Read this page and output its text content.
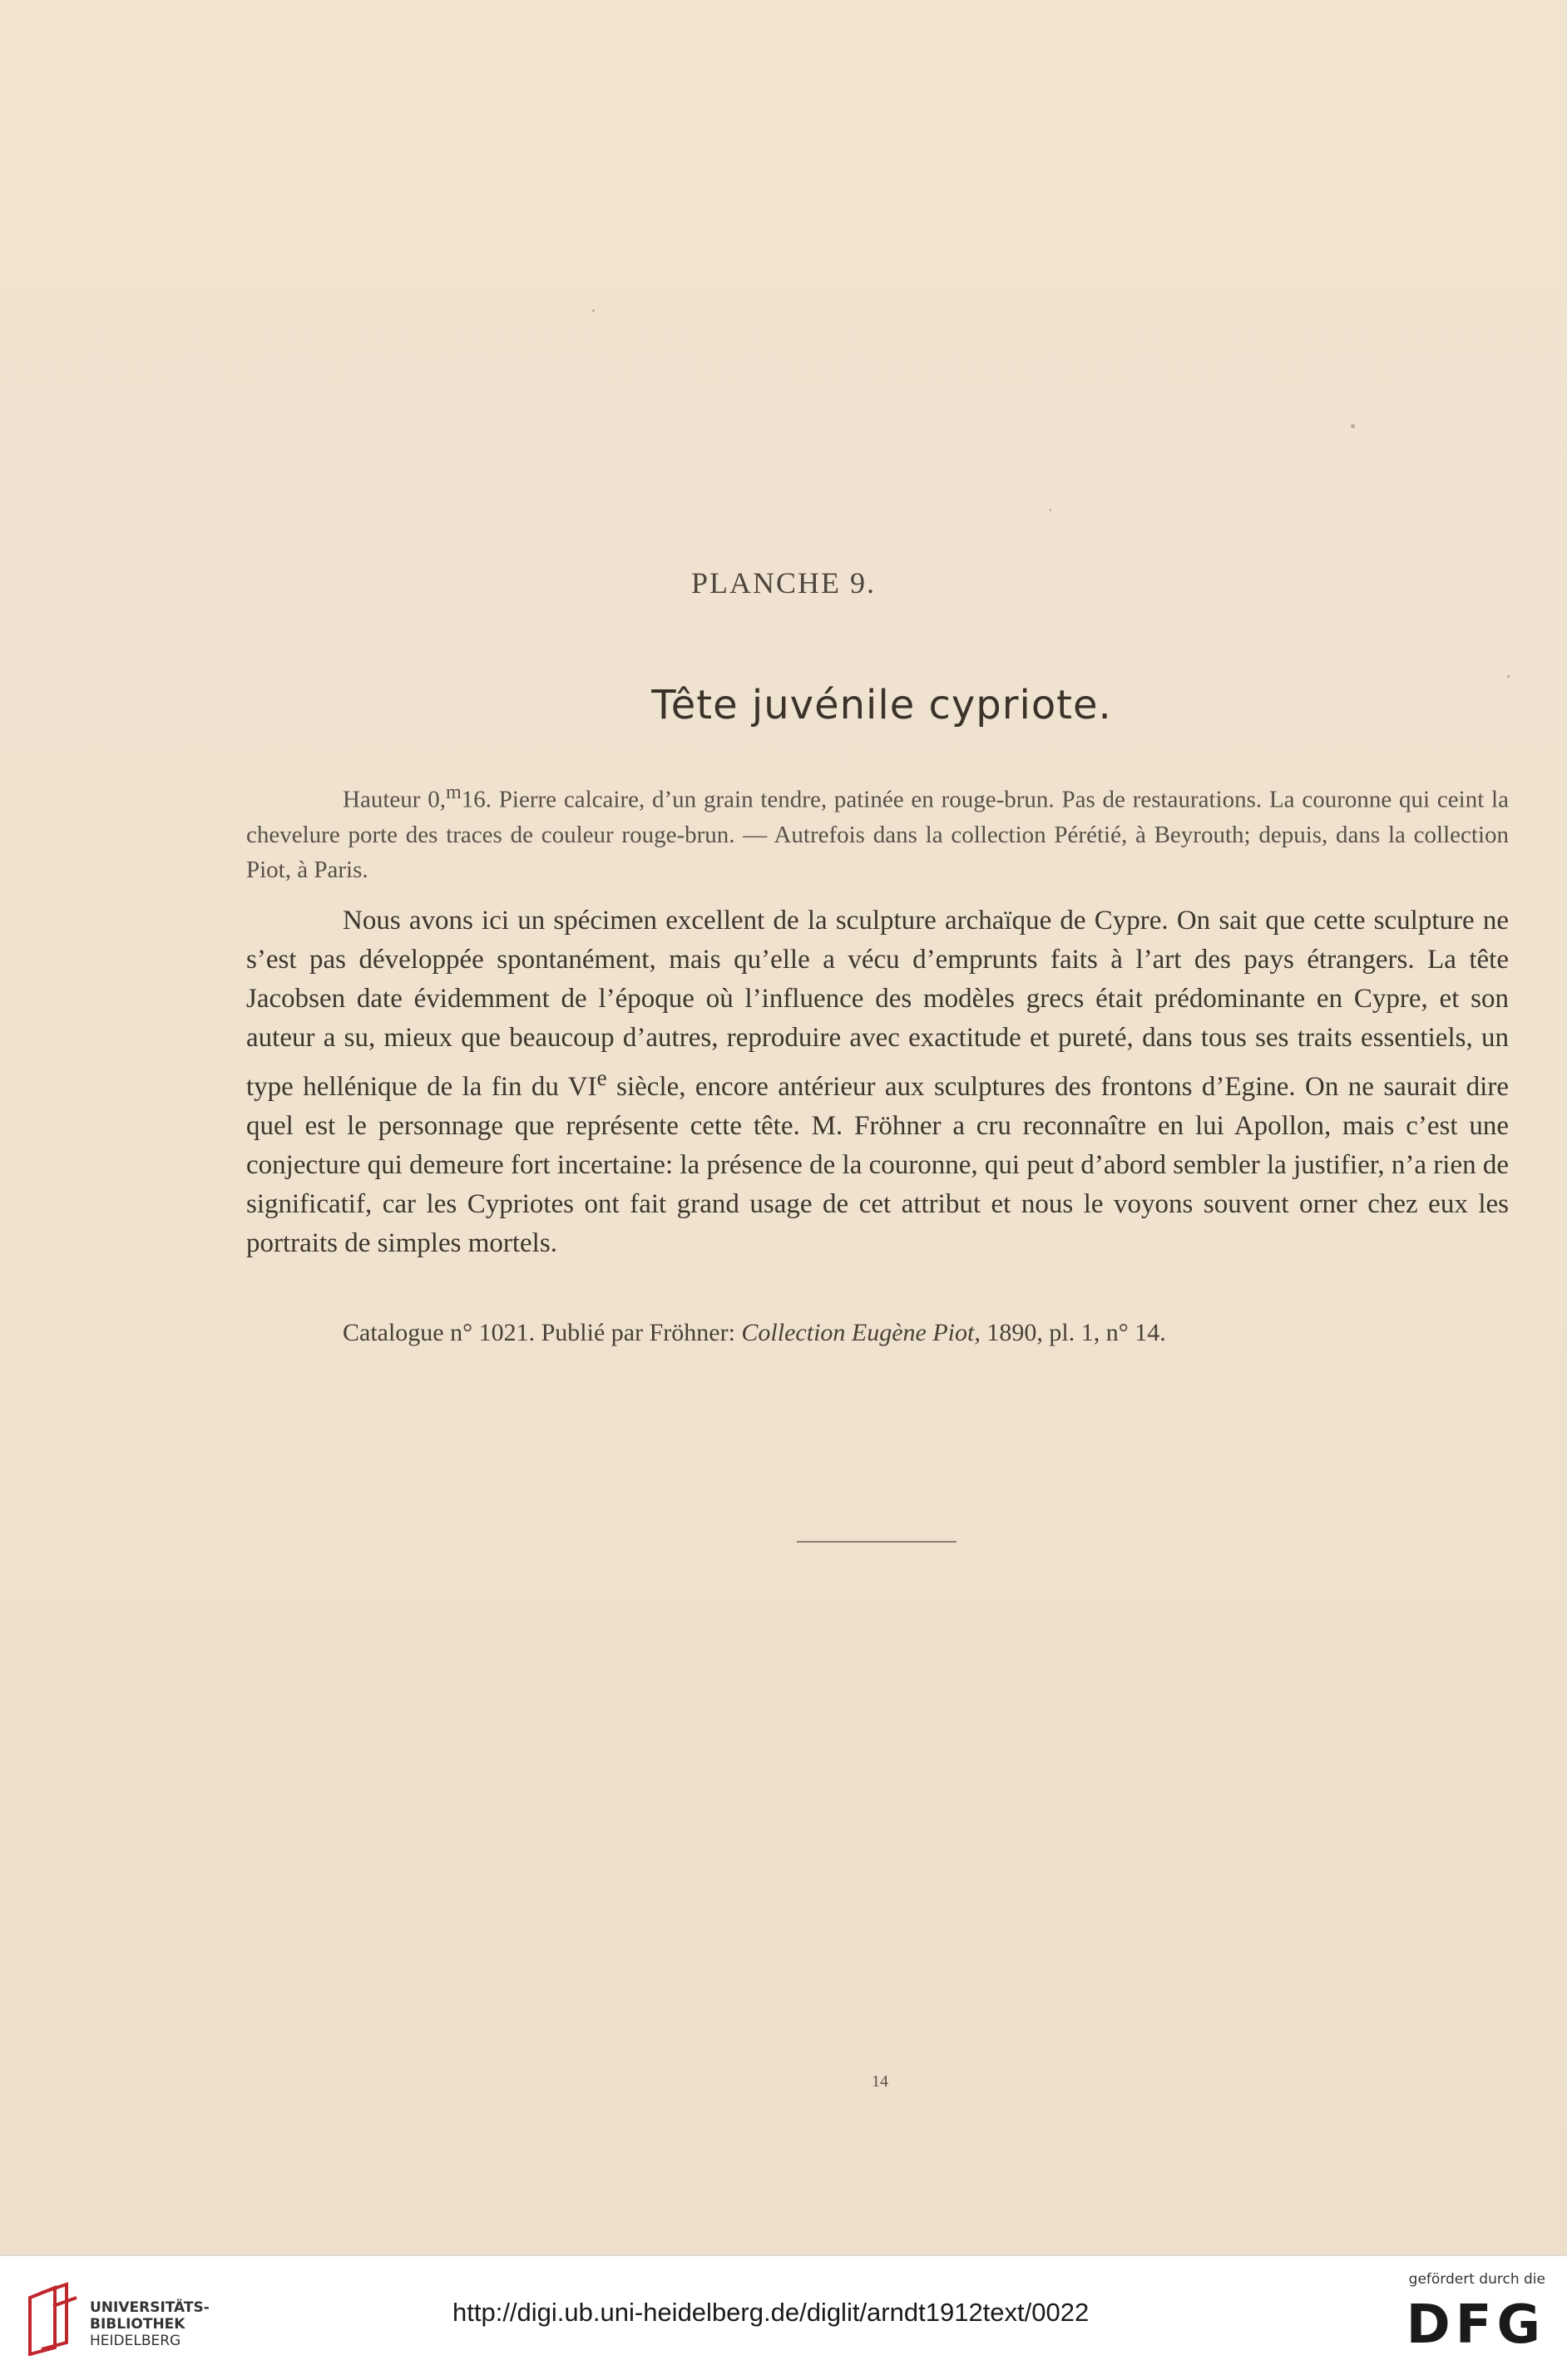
PLANCHE 9.
Tête juvénile cypriote.
Hauteur 0,$^m$16. Pierre calcaire, d’un grain tendre, patinée en rouge-brun. Pas de restaurations. La couronne qui ceint la chevelure porte des traces de couleur rouge-brun. — Autrefois dans la collection Pérétié, à Beyrouth; depuis, dans la collection Piot, à Paris.
Nous avons ici un spécimen excellent de la sculpture archaïque de Cypre. On sait que cette sculpture ne s’est pas développée spontanément, mais qu’elle a vécu d’emprunts faits à l’art des pays étrangers. La tête Jacobsen date évidemment de l’époque où l’influence des modèles grecs était prédominante en Cypre, et son auteur a su, mieux que beaucoup d’autres, reproduire avec exactitude et pureté, dans tous ses traits essentiels, un type hellénique de la fin du VIe siècle, encore antérieur aux sculptures des frontons d’Egine. On ne saurait dire quel est le personnage que représente cette tête. M. Fröhner a cru reconnaître en lui Apollon, mais c’est une conjecture qui demeure fort incertaine: la présence de la couronne, qui peut d’abord sembler la justifier, n’a rien de significatif, car les Cypriotes ont fait grand usage de cet attribut et nous le voyons souvent orner chez eux les portraits de simples mortels.
Catalogue n° 1021. Publié par Fröhner: Collection Eugène Piot, 1890, pl. 1, n° 14.
14
UNIVERSITÄTS-
BIBLIOTHEK
HEIDELBERG
http://digi.ub.uni-heidelberg.de/diglit/arndt1912text/0022
gefördert durch die
DFG
